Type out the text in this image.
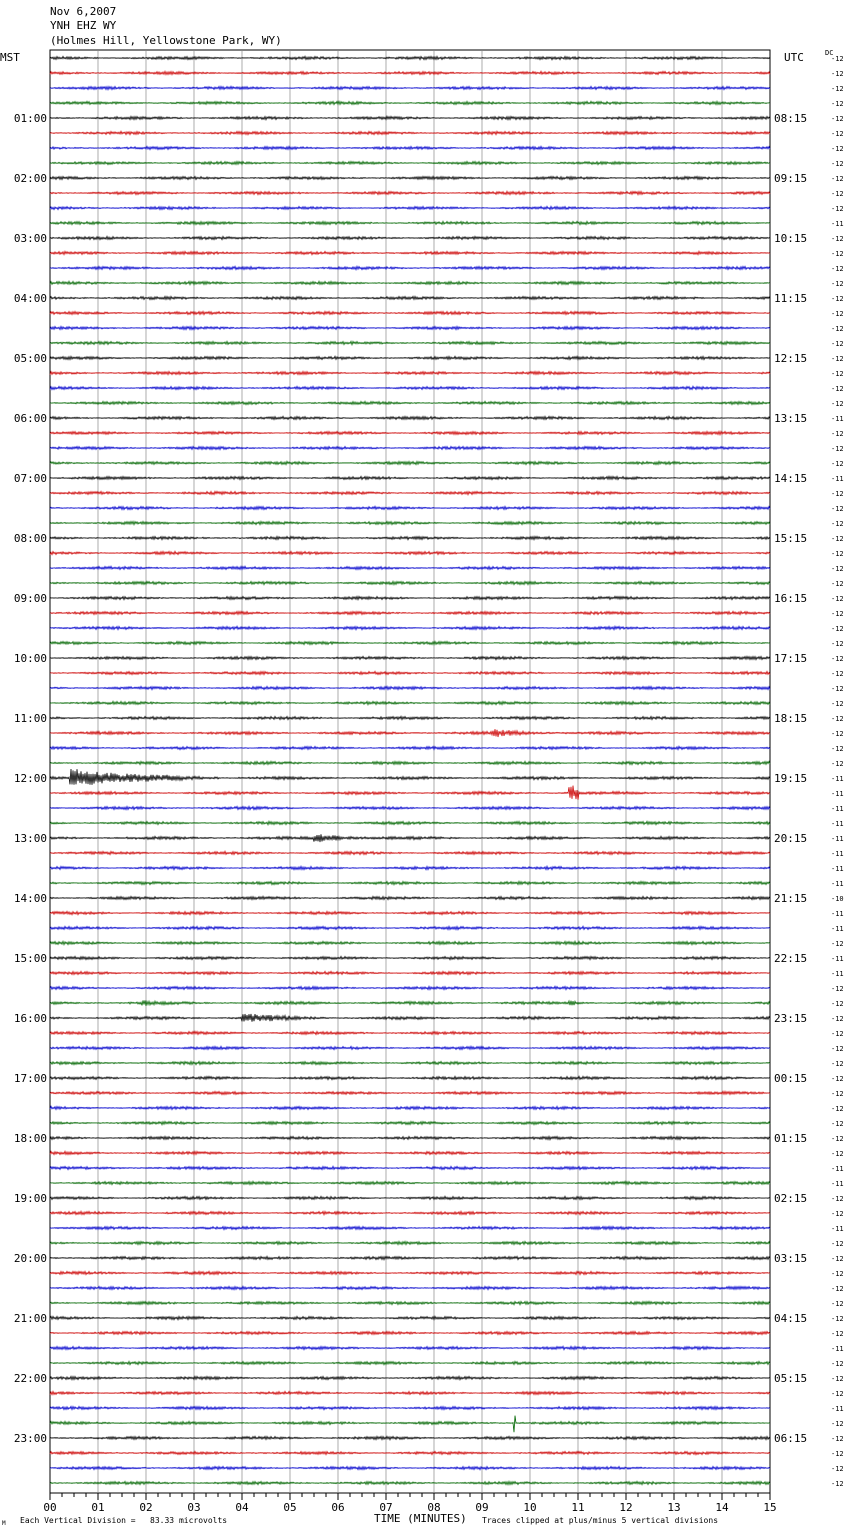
Nov 6,2007
YNH EHZ WY
(Holmes Hill, Yellowstone Park, WY)
MST	UTC	DC
00	01	02	03	04	05	06	07	08	09	10	11	12	13	14	15
-12
-12
-12
-12
-12
-12
-12
-12
-12
-12
-12
-11
-12
-12
-12
-12
-12
-12
-12
-12
-12
-12
-12
-12
-11
-12
-12
-12
-11
-12
-12
-12
-12
-12
-12
-12
-12
-12
-12
-12
-12
-12
-12
-12
-12
-12
-12
-12
-11
-11
-11
-11
-11
-11
-11
-11
-10
-11
-11
-12
-11
-11
-12
-12
-12
-12
-12
-12
-12
-12
-12
-12
-12
-12
-11
-11
-12
-12
-11
-12
-12
-12
-12
-12
-12
-12
-11
-12
-12
-12
-11
-12
-12
-12
-12
-12
01:00
02:00
03:00
04:00
05:00
06:00
07:00
08:00
09:00
10:00
11:00
12:00
13:00
14:00
15:00
16:00
17:00
18:00
19:00
20:00
21:00
22:00
23:00
08:15
09:15
10:15
11:15
12:15
13:15
14:15
15:15
16:15
17:15
18:15
19:15
20:15
21:15
22:15
23:15
00:15
01:15
02:15
03:15
04:15
05:15
06:15
M Each Vertical Division =   83.33 microvolts	TIME (MINUTES) Traces clipped at plus/minus 5 vertical divisions
